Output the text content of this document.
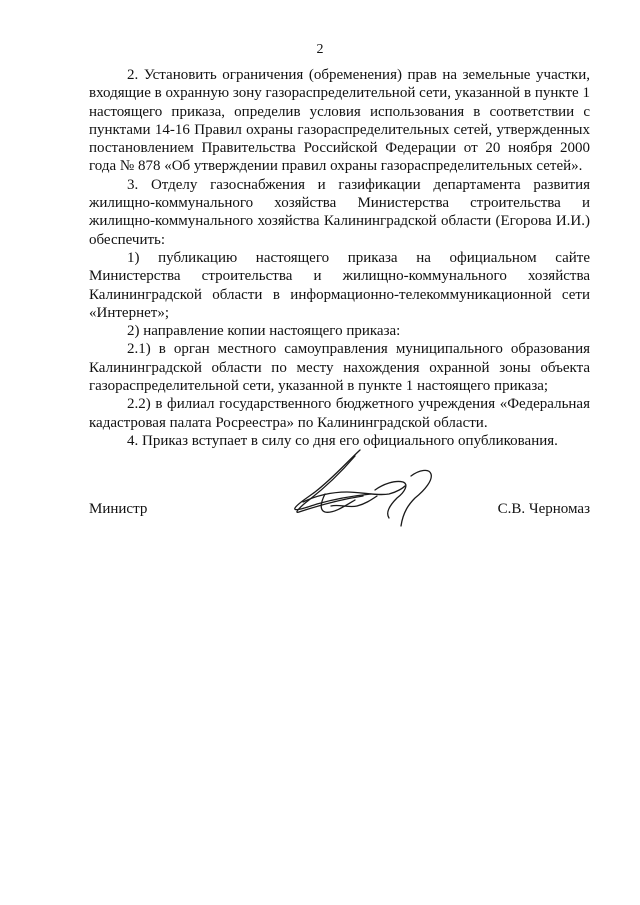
2

2. Установить ограничения (обременения) прав на земельные участки, входящие в охранную зону газораспределительной сети, указанной в пункте 1 настоящего приказа, определив условия использования в соответствии с пунктами 14-16 Правил охраны газораспределительных сетей, утвержденных постановлением Правительства Российской Федерации от 20 ноября 2000 года № 878 «Об утверждении правил охраны газораспределительных сетей».

3. Отделу газоснабжения и газификации департамента развития жилищно-коммунального хозяйства Министерства строительства и жилищно-коммунального хозяйства Калининградской области (Егорова И.И.) обеспечить:

1) публикацию настоящего приказа на официальном сайте Министерства строительства и жилищно-коммунального хозяйства Калининградской области в информационно-телекоммуникационной сети «Интернет»;

2) направление копии настоящего приказа:

2.1) в орган местного самоуправления муниципального образования Калининградской области по месту нахождения охранной зоны объекта газораспределительной сети, указанной в пункте 1 настоящего приказа;

2.2) в филиал государственного бюджетного учреждения «Федеральная кадастровая палата Росреестра» по Калининградской области.

4. Приказ вступает в силу со дня его официального опубликования.

Министр	С.В. Черномаз
